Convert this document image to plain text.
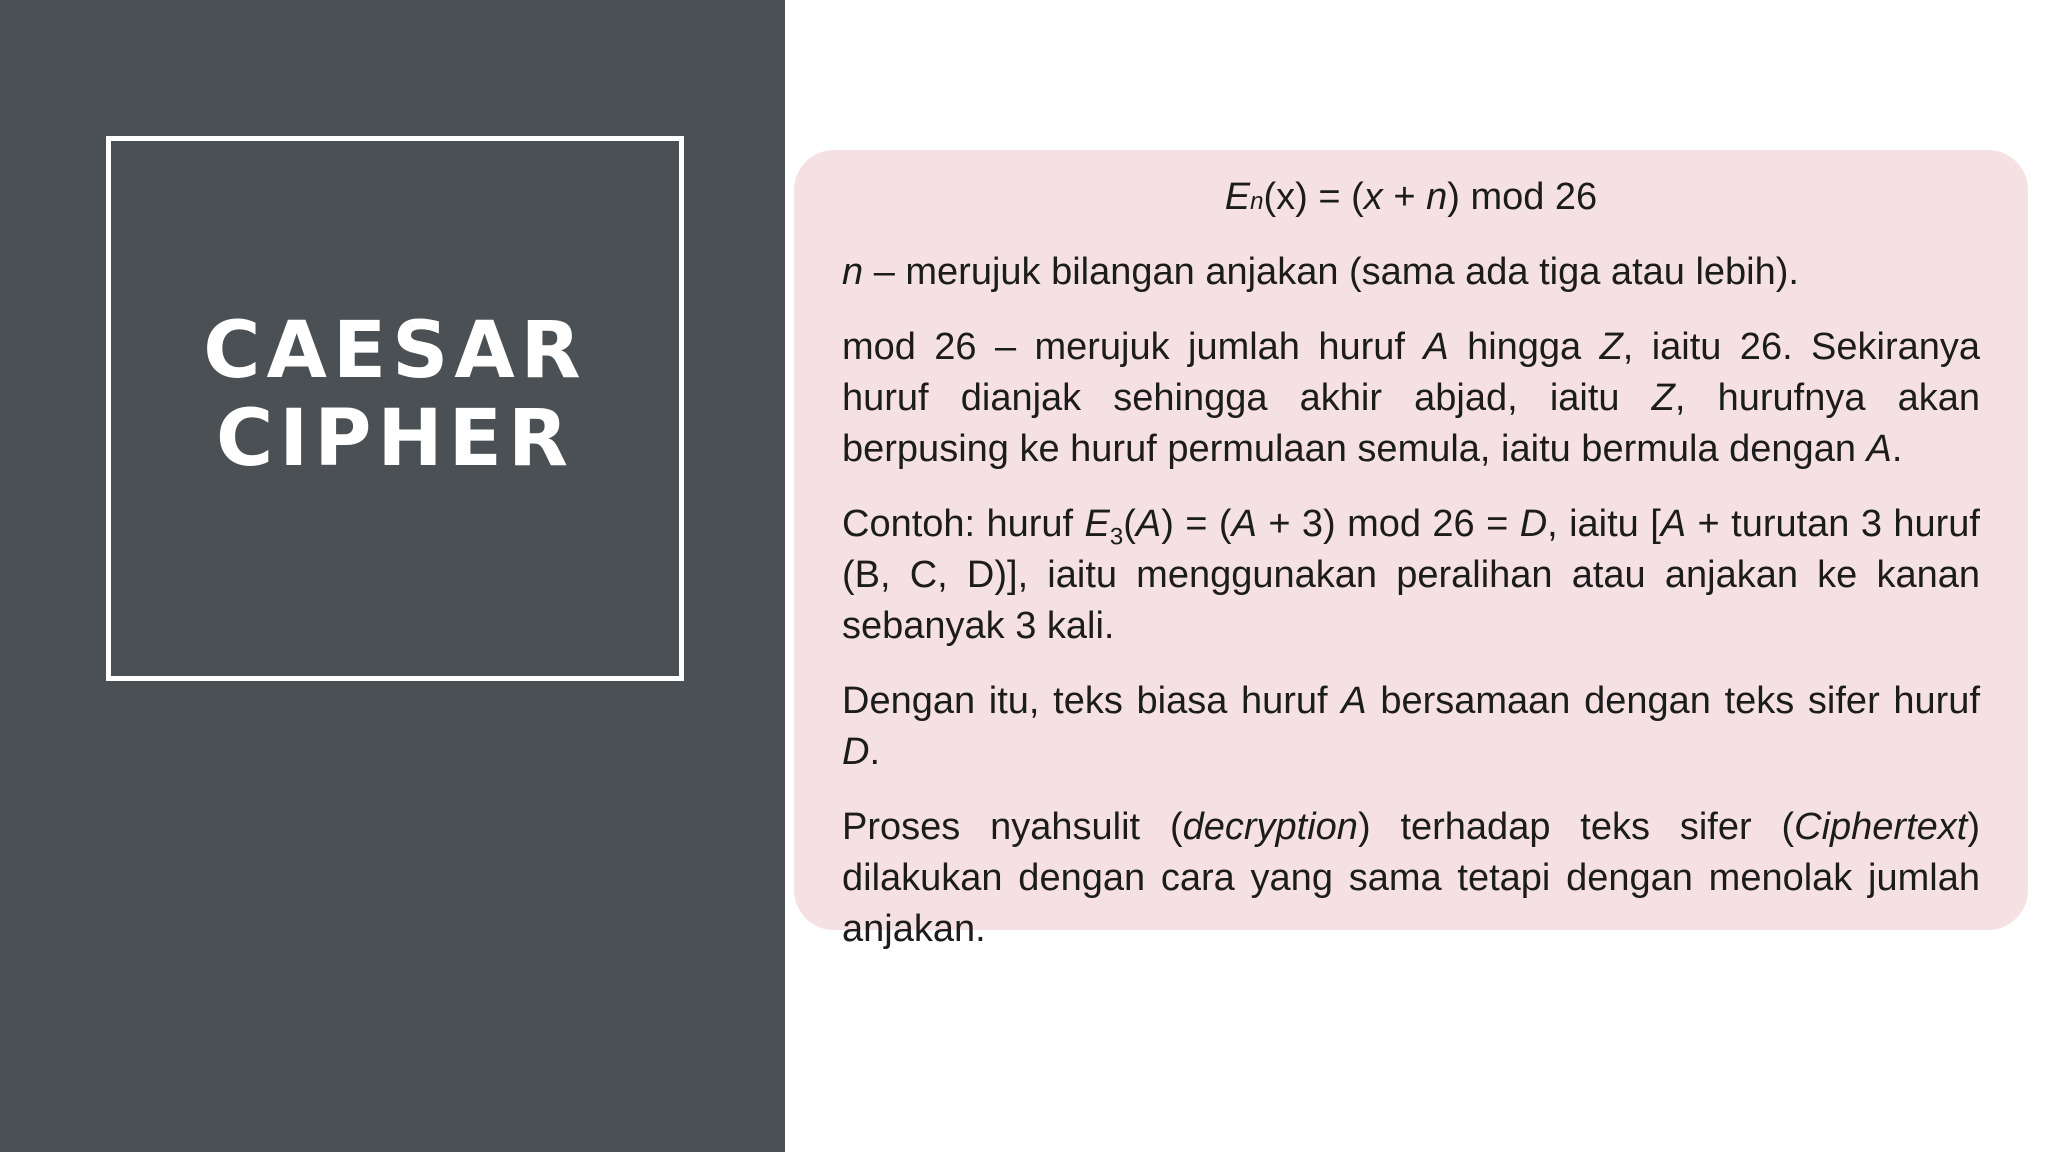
CAESAR
CIPHER

En(x) = (x + n) mod 26

n – merujuk bilangan anjakan (sama ada tiga atau lebih).

mod 26 – merujuk jumlah huruf A hingga Z, iaitu 26. Sekiranya huruf dianjak sehingga akhir abjad, iaitu Z, hurufnya akan berpusing ke huruf permulaan semula, iaitu bermula dengan A.

Contoh: huruf $E_3(A) = (A + 3)$ mod 26 = D, iaitu [A + turutan 3 huruf (B, C, D)], iaitu menggunakan peralihan atau anjakan ke kanan sebanyak 3 kali.

Dengan itu, teks biasa huruf A bersamaan dengan teks sifer huruf D.

Proses nyahsulit (decryption) terhadap teks sifer (Ciphertext) dilakukan dengan cara yang sama tetapi dengan menolak jumlah anjakan.
